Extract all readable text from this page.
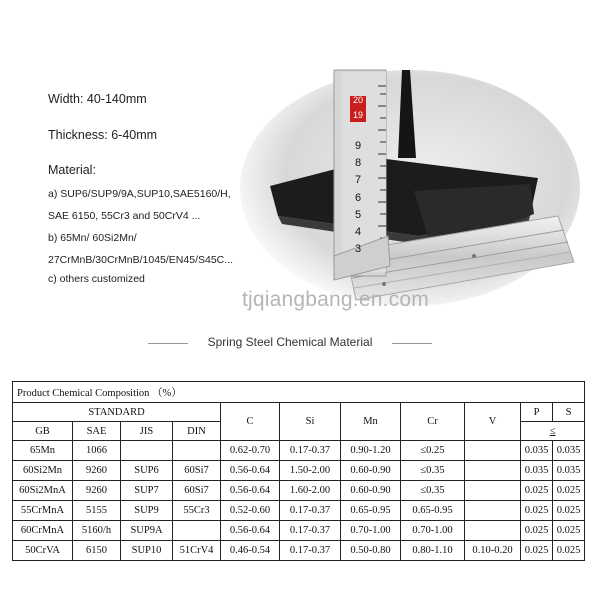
Width: 40-140mm
Thickness: 6-40mm
Material:
a) SUP6/SUP9/9A,SUP10,SAE5160/H,
SAE 6150, 55Cr3 and 50CrV4 ...
b) 65Mn/ 60Si2Mn/
27CrMnB/30CrMnB/1045/EN45/S45C...
c) others customized
20
19
9
8
7
6
5
4
3
tjqiangbang.en.com
Spring Steel Chemical Material
Product Chemical Composition （%）										
STANDARD				C	Si	Mn	Cr	V	P	S
GB	SAE	JIS	DIN						≤	
65Mn	1066			0.62-0.70	0.17-0.37	0.90-1.20	≤0.25		0.035	0.035
60Si2Mn	9260	SUP6	60Si7	0.56-0.64	1.50-2.00	0.60-0.90	≤0.35		0.035	0.035
60Si2MnA	9260	SUP7	60Si7	0.56-0.64	1.60-2.00	0.60-0.90	≤0.35		0.025	0.025
55CrMnA	5155	SUP9	55Cr3	0.52-0.60	0.17-0.37	0.65-0.95	0.65-0.95		0.025	0.025
60CrMnA	5160/h	SUP9A		0.56-0.64	0.17-0.37	0.70-1.00	0.70-1.00		0.025	0.025
50CrVA	6150	SUP10	51CrV4	0.46-0.54	0.17-0.37	0.50-0.80	0.80-1.10	0.10-0.20	0.025	0.025
